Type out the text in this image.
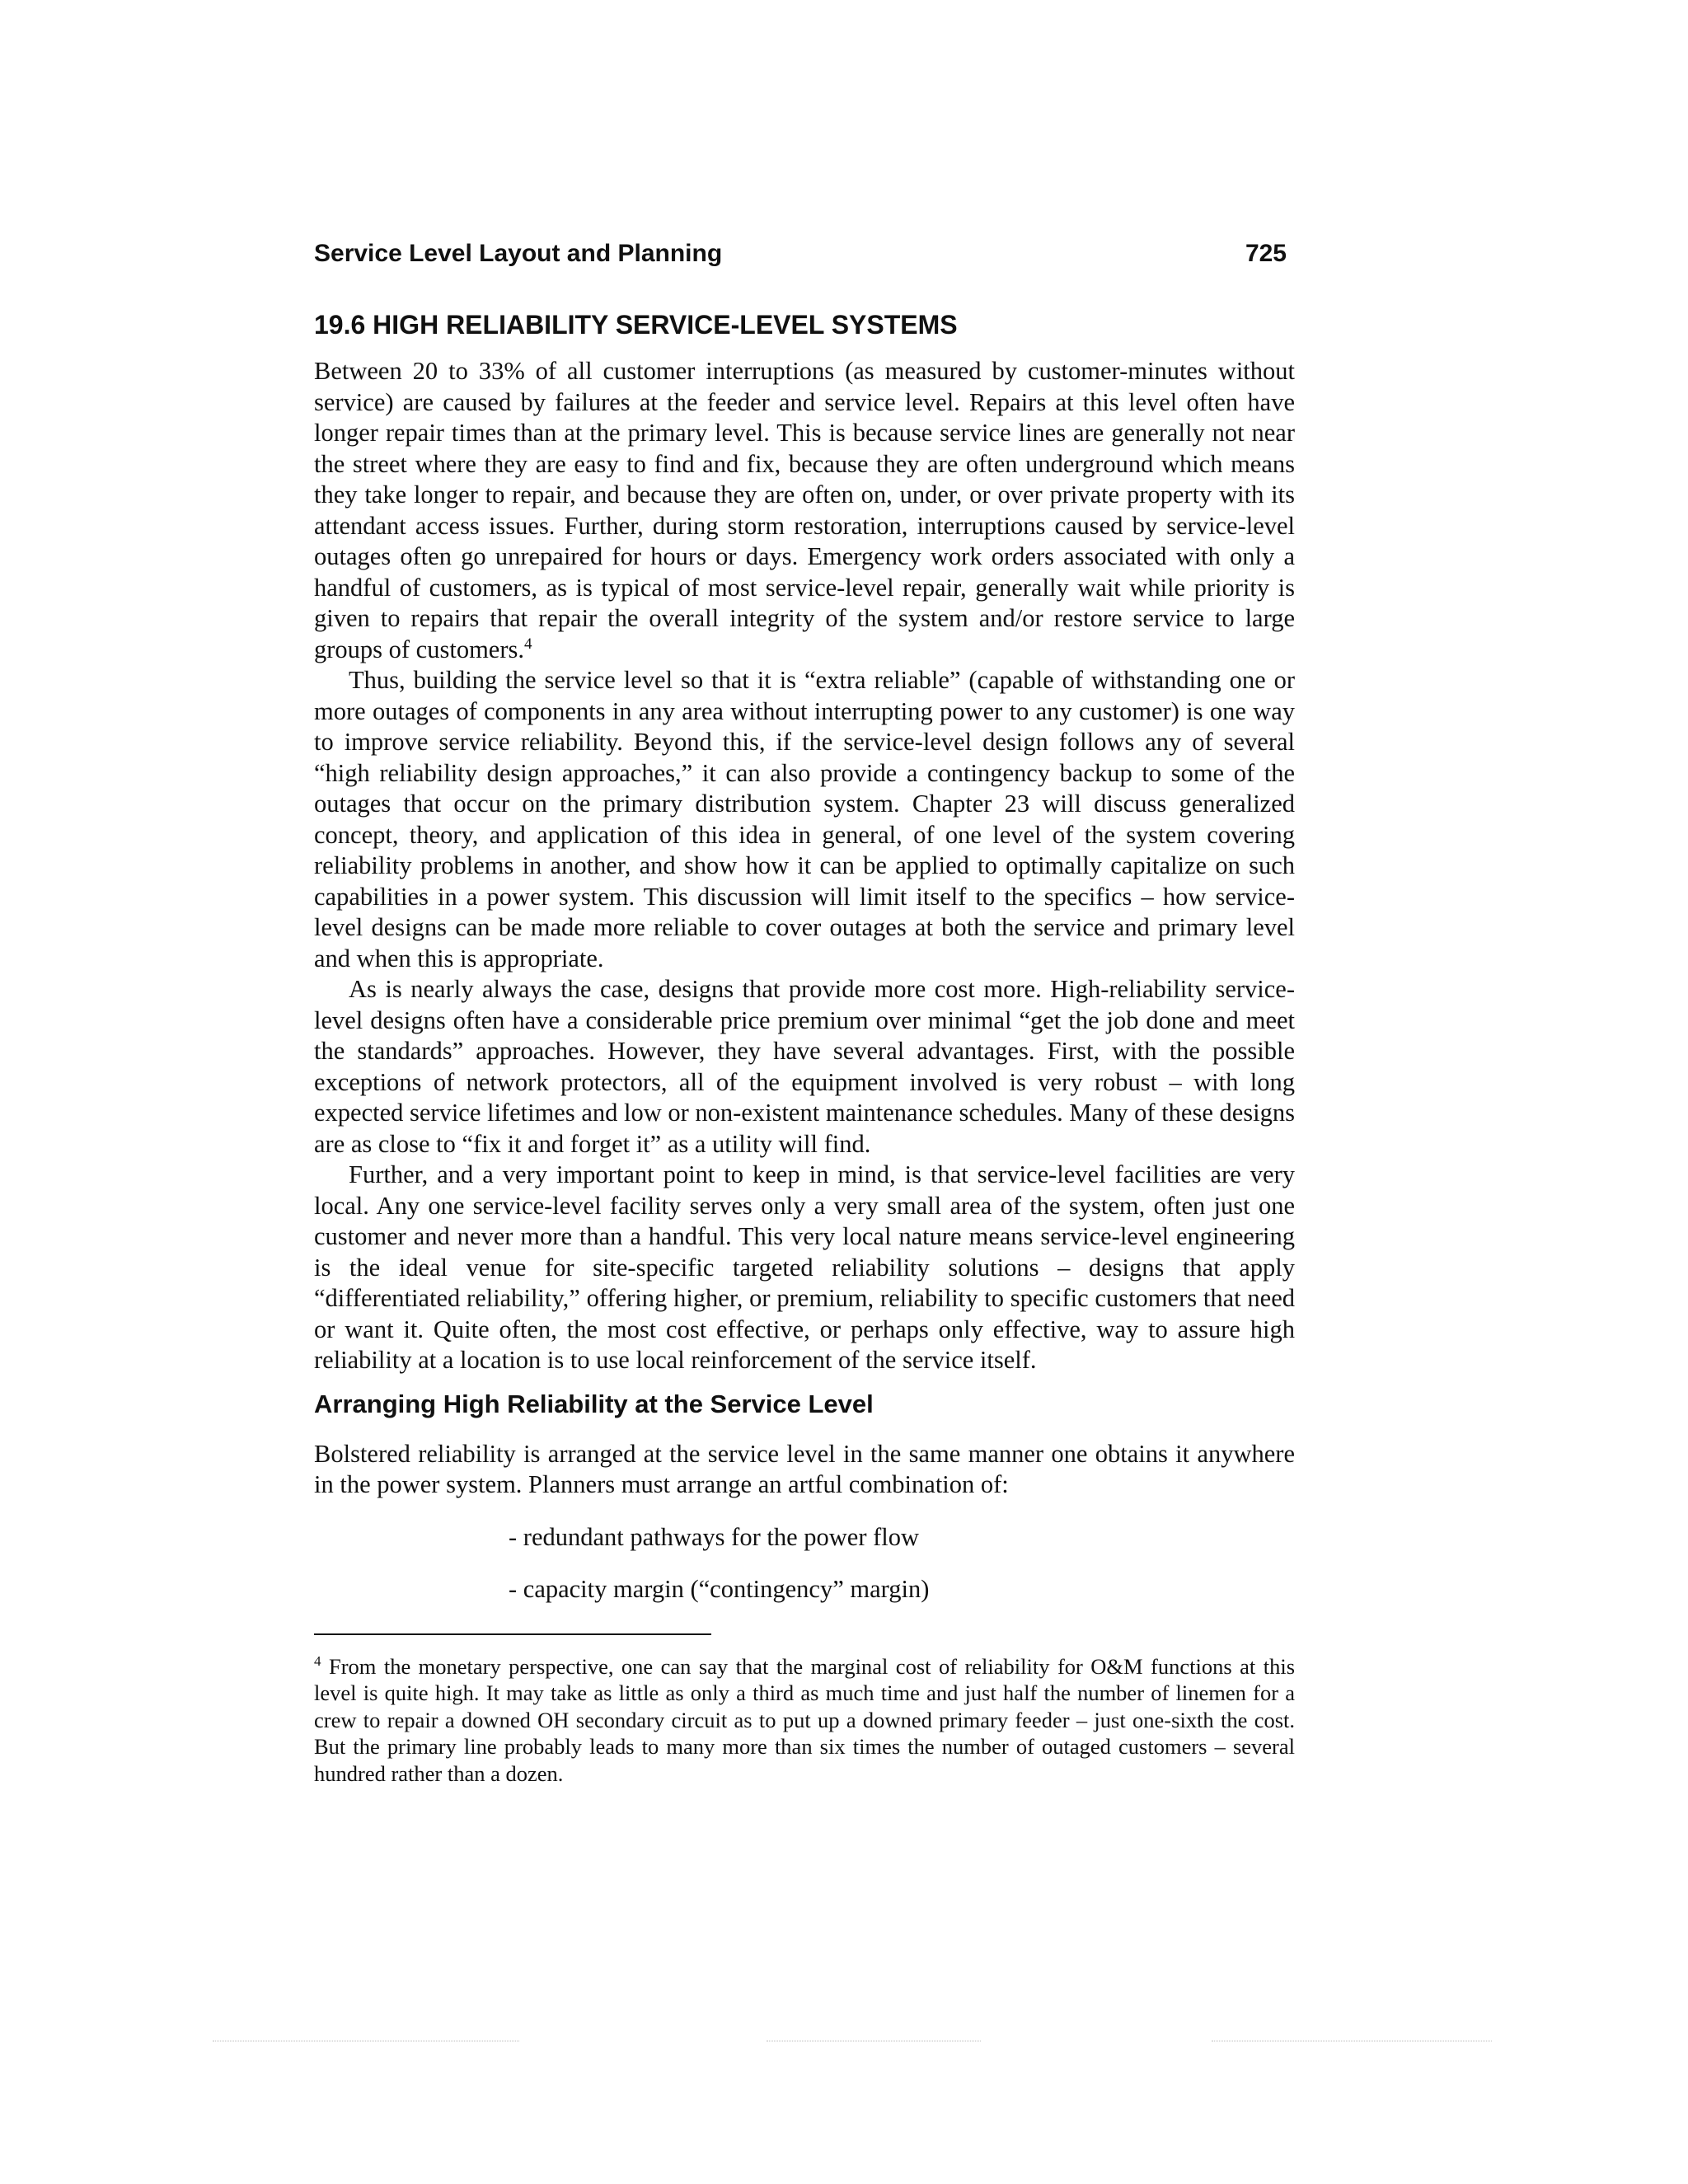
Service Level Layout and Planning	725
19.6 HIGH RELIABILITY SERVICE-LEVEL SYSTEMS

Between 20 to 33% of all customer interruptions (as measured by customer-minutes without service) are caused by failures at the feeder and service level. Repairs at this level often have longer repair times than at the primary level. This is because service lines are generally not near the street where they are easy to find and fix, because they are often underground which means they take longer to repair, and because they are often on, under, or over private property with its attendant access issues. Further, during storm restoration, interruptions caused by service-level outages often go unrepaired for hours or days. Emergency work orders associated with only a handful of customers, as is typical of most service-level repair, generally wait while priority is given to repairs that repair the overall integrity of the system and/or restore service to large groups of customers.$^4$

Thus, building the service level so that it is “extra reliable” (capable of withstanding one or more outages of components in any area without interrupting power to any customer) is one way to improve service reliability. Beyond this, if the service-level design follows any of several “high reliability design approaches,” it can also provide a contingency backup to some of the outages that occur on the primary distribution system. Chapter 23 will discuss generalized concept, theory, and application of this idea in general, of one level of the system covering reliability problems in another, and show how it can be applied to optimally capitalize on such capabilities in a power system. This discussion will limit itself to the specifics – how service-level designs can be made more reliable to cover outages at both the service and primary level and when this is appropriate.

As is nearly always the case, designs that provide more cost more. High-reliability service-level designs often have a considerable price premium over minimal “get the job done and meet the standards” approaches. However, they have several advantages. First, with the possible exceptions of network protectors, all of the equipment involved is very robust – with long expected service lifetimes and low or non-existent maintenance schedules. Many of these designs are as close to “fix it and forget it” as a utility will find.

Further, and a very important point to keep in mind, is that service-level facilities are very local. Any one service-level facility serves only a very small area of the system, often just one customer and never more than a handful. This very local nature means service-level engineering is the ideal venue for site-specific targeted reliability solutions – designs that apply “differentiated reliability,” offering higher, or premium, reliability to specific customers that need or want it. Quite often, the most cost effective, or perhaps only effective, way to assure high reliability at a location is to use local reinforcement of the service itself.

Arranging High Reliability at the Service Level

Bolstered reliability is arranged at the service level in the same manner one obtains it anywhere in the power system. Planners must arrange an artful combination of:

- redundant pathways for the power flow
- capacity margin (“contingency” margin)

$^4$ From the monetary perspective, one can say that the marginal cost of reliability for O&M functions at this level is quite high. It may take as little as only a third as much time and just half the number of linemen for a crew to repair a downed OH secondary circuit as to put up a downed primary feeder – just one-sixth the cost. But the primary line probably leads to many more than six times the number of outaged customers – several hundred rather than a dozen.
